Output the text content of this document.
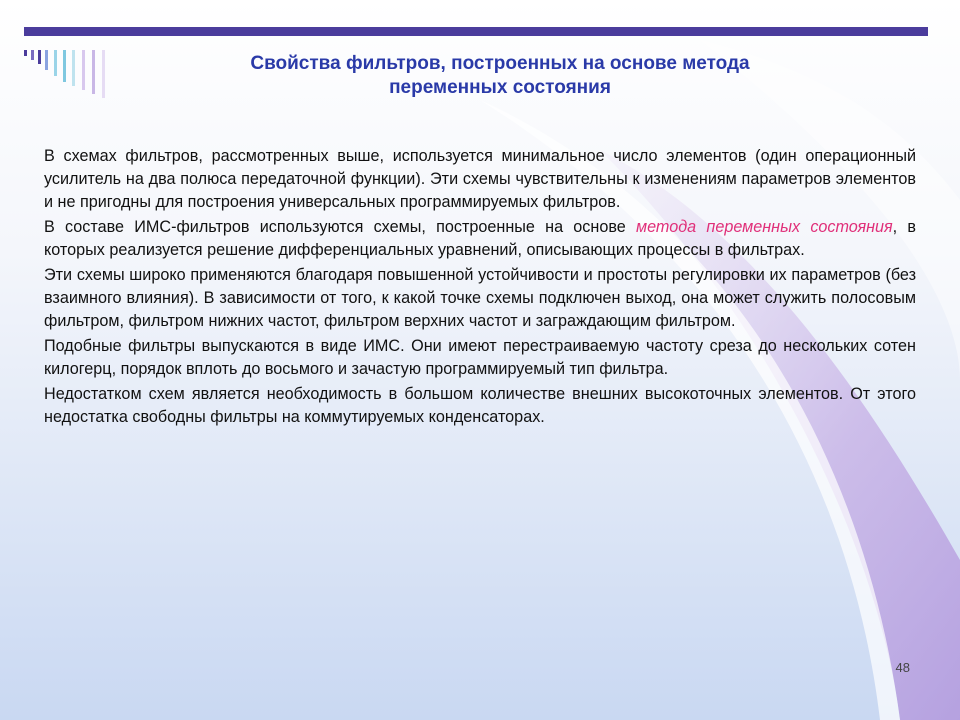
Свойства фильтров, построенных на основе метода
переменных состояния

В схемах фильтров, рассмотренных выше, используется минимальное число элементов (один операционный усилитель на два полюса передаточной функции). Эти схемы чувствительны к изменениям параметров элементов и не пригодны для построения универсальных программируемых фильтров.

В составе ИМС-фильтров используются схемы, построенные на основе метода переменных состояния, в которых реализуется решение дифференциальных уравнений, описывающих процессы в фильтрах.

Эти схемы широко применяются благодаря повышенной устойчивости и простоты регулировки их параметров (без взаимного влияния). В зависимости от того, к какой точке схемы подключен выход, она может служить полосовым фильтром, фильтром нижних частот, фильтром верхних частот и заграждающим фильтром.

Подобные фильтры выпускаются в виде ИМС. Они имеют перестраиваемую частоту среза до нескольких сотен килогерц, порядок вплоть до восьмого и зачастую программируемый тип фильтра.

Недостатком схем является необходимость в большом количестве внешних высокоточных элементов. От этого недостатка свободны фильтры на коммутируемых конденсаторах.

48
